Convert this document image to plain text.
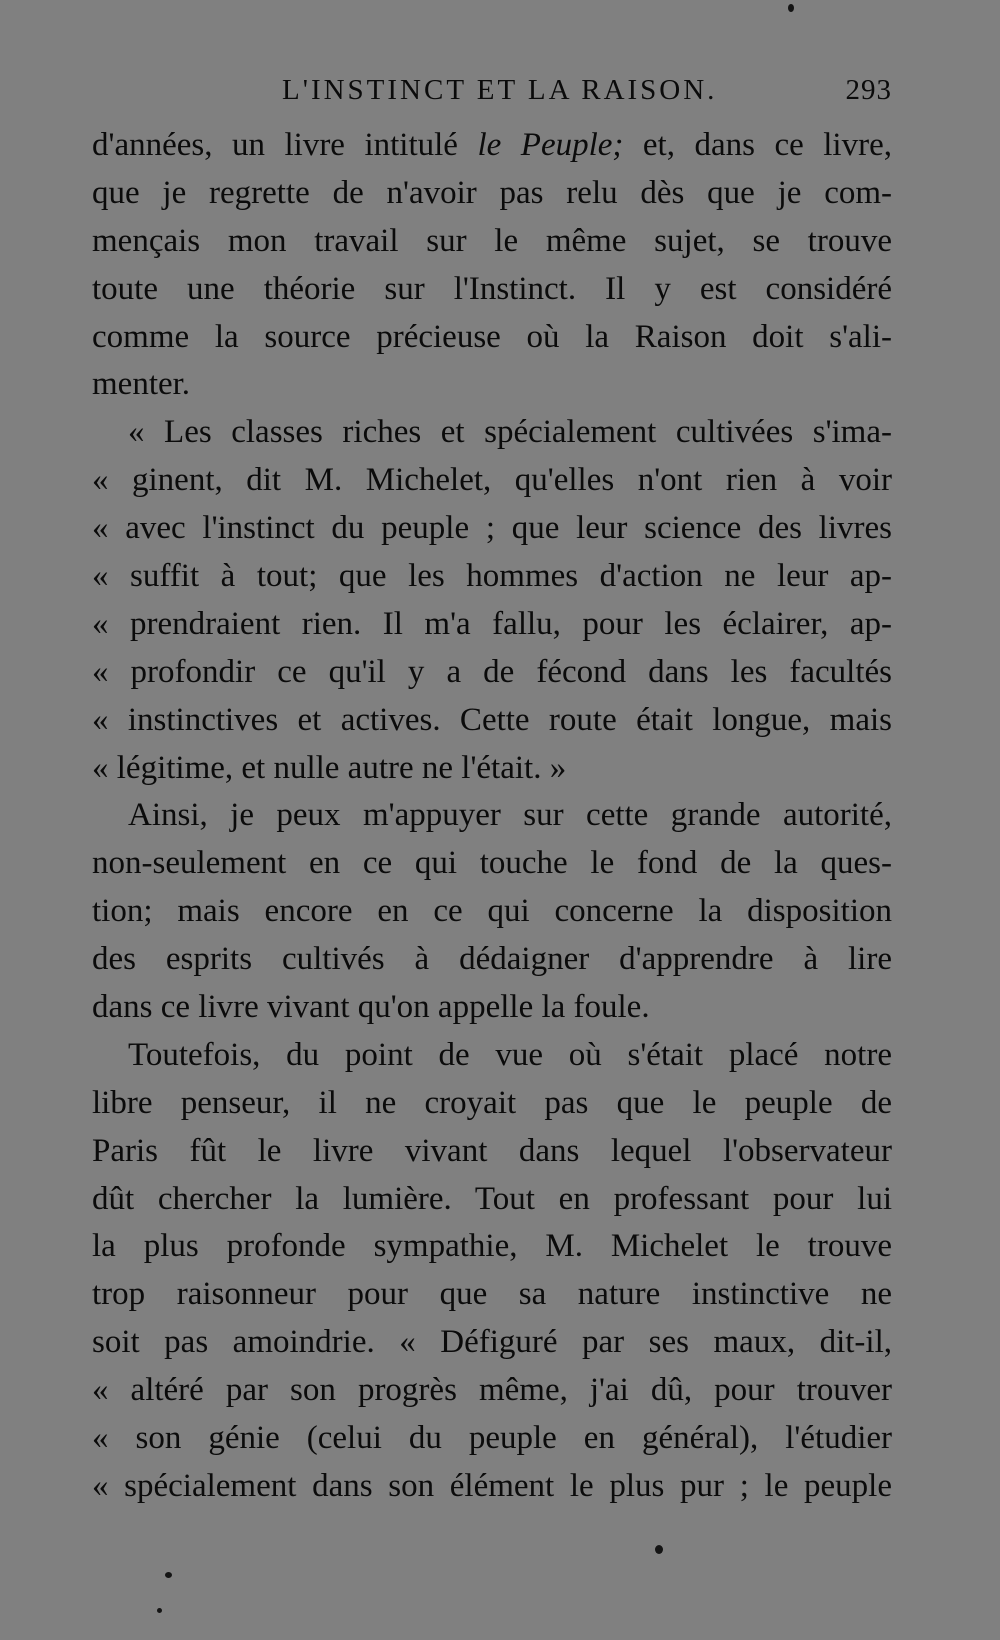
L'INSTINCT ET LA RAISON.	293
d'années, un livre intitulé le Peuple; et, dans ce livre,
que je regrette de n'avoir pas relu dès que je com-
mençais mon travail sur le même sujet, se trouve
toute une théorie sur l'Instinct. Il y est considéré
comme la source précieuse où la Raison doit s'ali-
menter.
« Les classes riches et spécialement cultivées s'ima-
« ginent, dit M. Michelet, qu'elles n'ont rien à voir
« avec l'instinct du peuple ; que leur science des livres
« suffit à tout; que les hommes d'action ne leur ap-
« prendraient rien. Il m'a fallu, pour les éclairer, ap-
« profondir ce qu'il y a de fécond dans les facultés
« instinctives et actives. Cette route était longue, mais
« légitime, et nulle autre ne l'était. »
Ainsi, je peux m'appuyer sur cette grande autorité,
non-seulement en ce qui touche le fond de la ques-
tion; mais encore en ce qui concerne la disposition
des esprits cultivés à dédaigner d'apprendre à lire
dans ce livre vivant qu'on appelle la foule.
Toutefois, du point de vue où s'était placé notre
libre penseur, il ne croyait pas que le peuple de
Paris fût le livre vivant dans lequel l'observateur
dût chercher la lumière. Tout en professant pour lui
la plus profonde sympathie, M. Michelet le trouve
trop raisonneur pour que sa nature instinctive ne
soit pas amoindrie. « Défiguré par ses maux, dit-il,
« altéré par son progrès même, j'ai dû, pour trouver
« son génie (celui du peuple en général), l'étudier
« spécialement dans son élément le plus pur ; le peuple
